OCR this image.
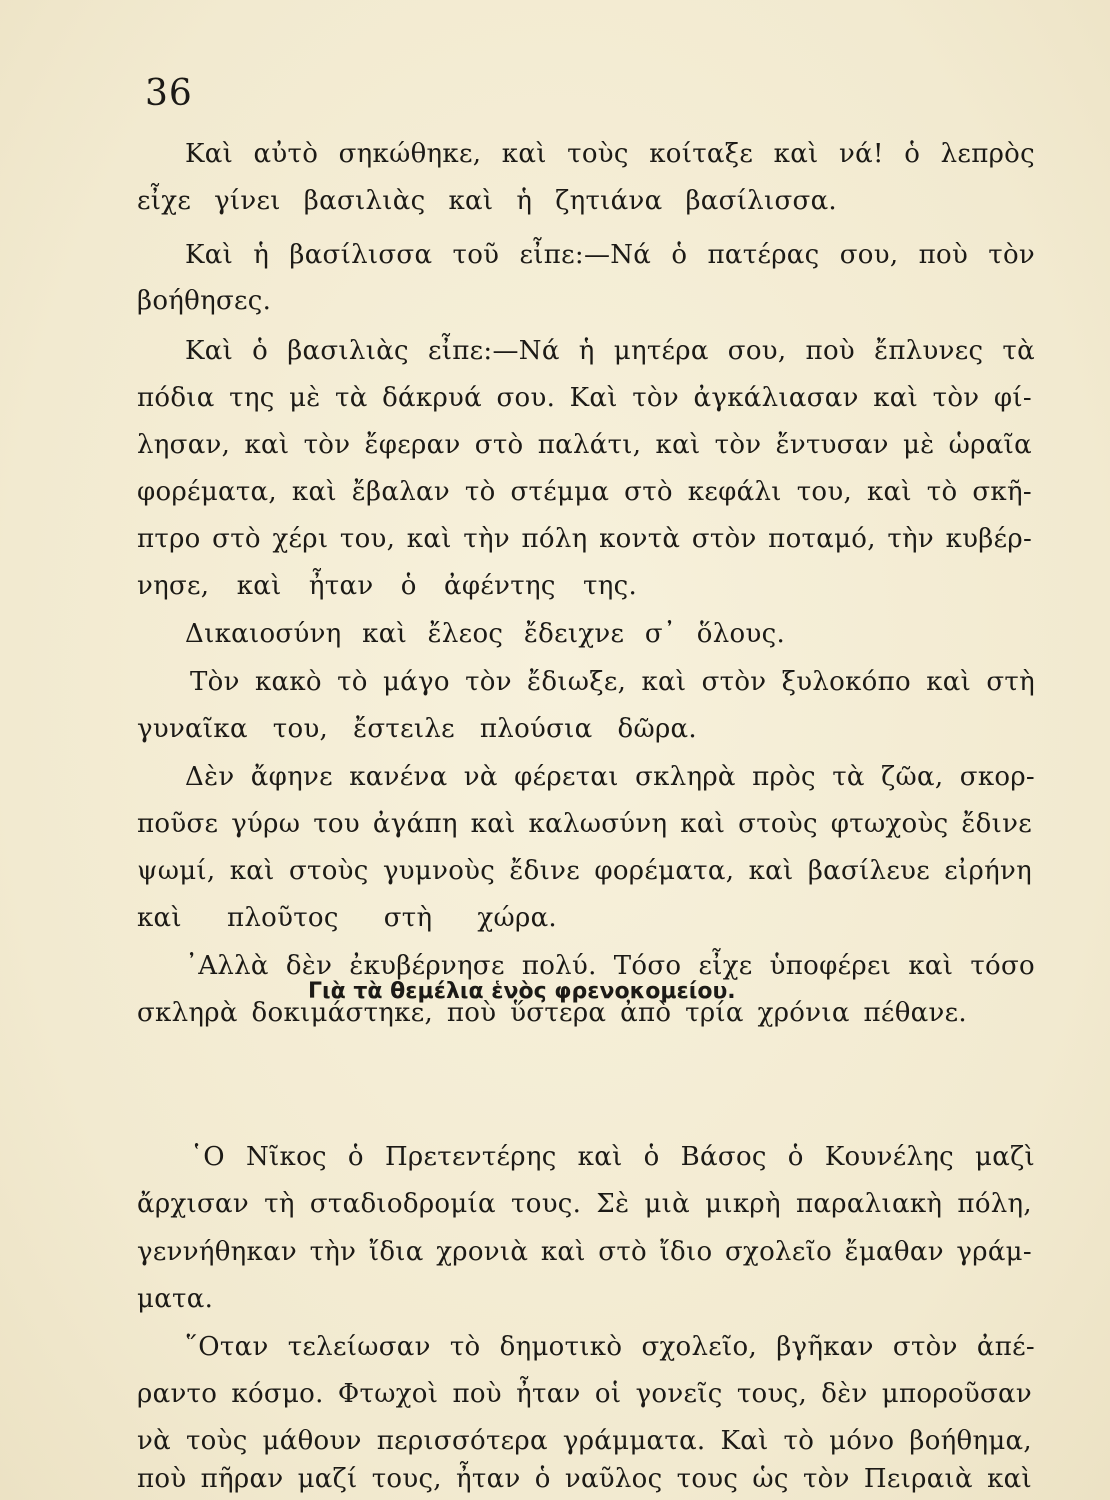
36
Καὶ αὐτὸ σηκώθηκε, καὶ τοὺς κοίταξε καὶ νά! ὁ λεπρὸς
εἶχε γίνει βασιλιὰς καὶ ἡ ζητιάνα βασίλισσα.
Καὶ ἡ βασίλισσα τοῦ εἶπε:—Νά ὁ πατέρας σου, ποὺ τὸν
βοήθησες.
Καὶ ὁ βασιλιὰς εἶπε:—Νά ἡ μητέρα σου, ποὺ ἔπλυνες τὰ
πόδια της μὲ τὰ δάκρυά σου. Καὶ τὸν ἀγκάλιασαν καὶ τὸν φί-
λησαν, καὶ τὸν ἔφεραν στὸ παλάτι, καὶ τὸν ἔντυσαν μὲ ὡραῖα
φορέματα, καὶ ἔβαλαν τὸ στέμμα στὸ κεφάλι του, καὶ τὸ σκῆ-
πτρο στὸ χέρι του, καὶ τὴν πόλη κοντὰ στὸν ποταμό, τὴν κυβέρ-
νησε, καὶ ἦταν ὁ ἀφέντης της.
Δικαιοσύνη καὶ ἔλεος ἔδειχνε σ᾽ ὅλους.
Τὸν κακὸ τὸ μάγο τὸν ἔδιωξε, καὶ στὸν ξυλοκόπο καὶ στὴ
γυναῖκα του, ἔστειλε πλούσια δῶρα.
Δὲν ἄφηνε κανένα νὰ φέρεται σκληρὰ πρὸς τὰ ζῶα, σκορ-
ποῦσε γύρω του ἀγάπη καὶ καλωσύνη καὶ στοὺς φτωχοὺς ἔδινε
ψωμί, καὶ στοὺς γυμνοὺς ἔδινε φορέματα, καὶ βασίλευε εἰρήνη
καὶ πλοῦτος στὴ χώρα.
᾽Αλλὰ δὲν ἐκυβέρνησε πολύ. Τόσο εἶχε ὑποφέρει καὶ τόσο
σκληρὰ δοκιμάστηκε, ποὺ ὕστερα ἀπὸ τρία χρόνια πέθανε.
Γιὰ τὰ θεμέλια ἑνὸς φρενοκομείου.
῾Ο Νῖκος ὁ Πρετεντέρης καὶ ὁ Βάσος ὁ Κουνέλης μαζὶ
ἄρχισαν τὴ σταδιοδρομία τους. Σὲ μιὰ μικρὴ παραλιακὴ πόλη,
γεννήθηκαν τὴν ἴδια χρονιὰ καὶ στὸ ἴδιο σχολεῖο ἔμαθαν γράμ-
ματα.
῞Οταν τελείωσαν τὸ δημοτικὸ σχολεῖο, βγῆκαν στὸν ἀπέ-
ραντο κόσμο. Φτωχοὶ ποὺ ἦταν οἱ γονεῖς τους, δὲν μποροῦσαν
νὰ τοὺς μάθουν περισσότερα γράμματα. Καὶ τὸ μόνο βοήθημα,
ποὺ πῆραν μαζί τους, ἦταν ὁ ναῦλος τους ὡς τὸν Πειραιὰ καὶ
